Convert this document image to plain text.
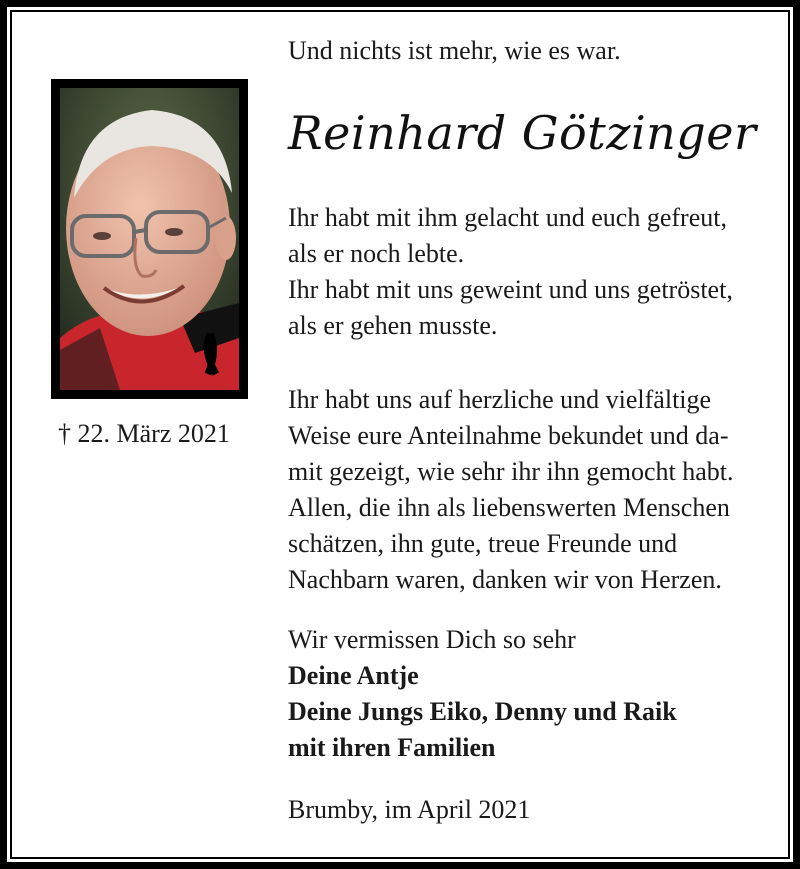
Und nichts ist mehr, wie es war.
Reinhard Götzinger
† 22. März 2021

Ihr habt mit ihm gelacht und euch gefreut,

als er noch lebte.

Ihr habt mit uns geweint und uns getröstet,

als er gehen musste.

Ihr habt uns auf herzliche und vielfältige

Weise eure Anteilnahme bekundet und da-

mit gezeigt, wie sehr ihr ihn gemocht habt.

Allen, die ihn als liebenswerten Menschen

schätzen, ihn gute, treue Freunde und

Nachbarn waren, danken wir von Herzen.

Wir vermissen Dich so sehr

Deine Antje

Deine Jungs Eiko, Denny und Raik

mit ihren Familien

Brumby, im April 2021
